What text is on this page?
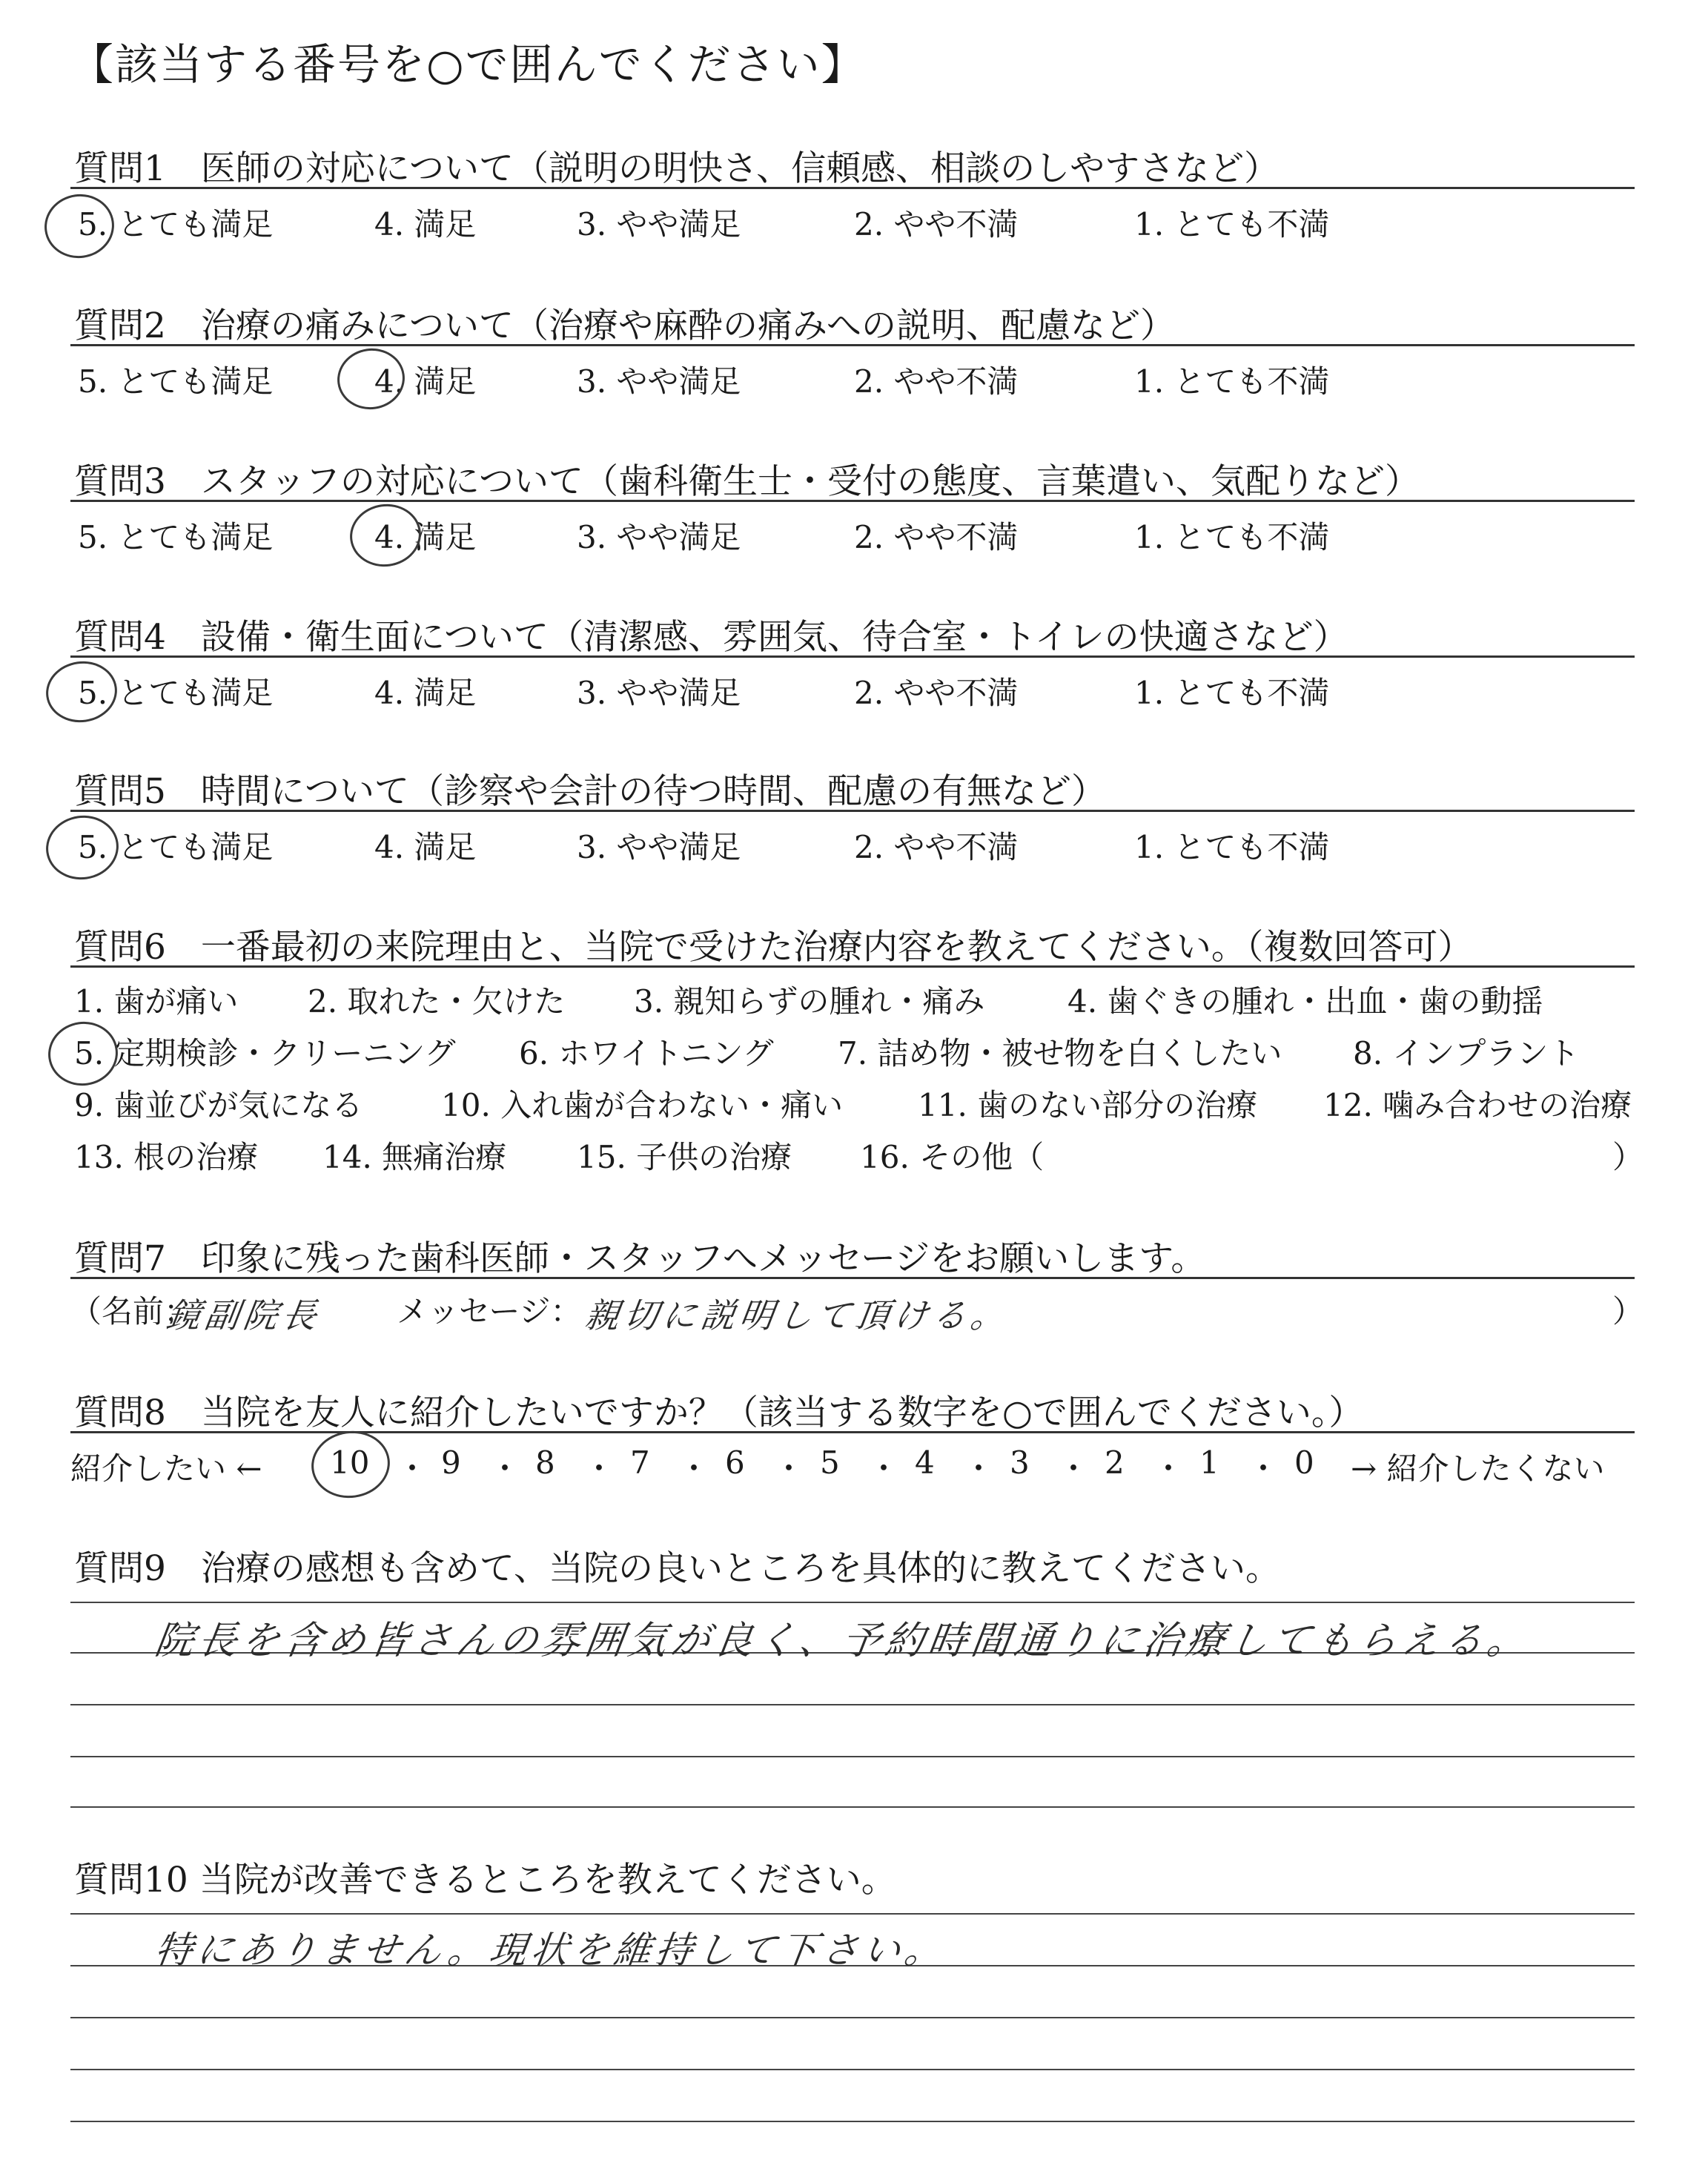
【該当する番号を○で囲んでください】
質問1　医師の対応について（説明の明快さ、信頼感、相談のしやすさなど）
5. とても満足	4. 満足	3. やや満足	2. やや不満	1. とても不満
質問2　治療の痛みについて（治療や麻酔の痛みへの説明、配慮など）
5. とても満足	4. 満足	3. やや満足	2. やや不満	1. とても不満
質問3　スタッフの対応について（歯科衛生士・受付の態度、言葉遣い、気配りなど）
5. とても満足	4. 満足	3. やや満足	2. やや不満	1. とても不満
質問4　設備・衛生面について（清潔感、雰囲気、待合室・トイレの快適さなど）
5. とても満足	4. 満足	3. やや満足	2. やや不満	1. とても不満
質問5　時間について（診察や会計の待つ時間、配慮の有無など）
5. とても満足	4. 満足	3. やや満足	2. やや不満	1. とても不満
質問6　一番最初の来院理由と、当院で受けた治療内容を教えてください。（複数回答可）
1. 歯が痛い 2. 取れた・欠けた 3. 親知らずの腫れ・痛み	4. 歯ぐきの腫れ・出血・歯の動揺
5. 定期検診・クリーニング 6. ホワイトニング 7. 詰め物・被せ物を白くしたい 8. インプラント
9. 歯並びが気になる	10. 入れ歯が合わない・痛い 11. 歯のない部分の治療 12. 噛み合わせの治療
13. 根の治療 14. 無痛治療 15. 子供の治療 16. その他（	）
質問7　印象に残った歯科医師・スタッフへメッセージをお願いします。
（名前：
鏡副院長 メッセージ： 親切に説明して頂ける。	）
質問8　当院を友人に紹介したいですか？（該当する数字を○で囲んでください。）
紹介したい ← 10 ・ 9 ・ 8 ・ 7 ・ 6 ・ 5 ・ 4 ・ 3 ・ 2 ・ 1 ・ 0 → 紹介したくない
質問9　治療の感想も含めて、当院の良いところを具体的に教えてください。
院長を含め皆さんの雰囲気が良く、予約時間通りに治療してもらえる。
質問10 当院が改善できるところを教えてください。
特にありません。現状を維持して下さい。
